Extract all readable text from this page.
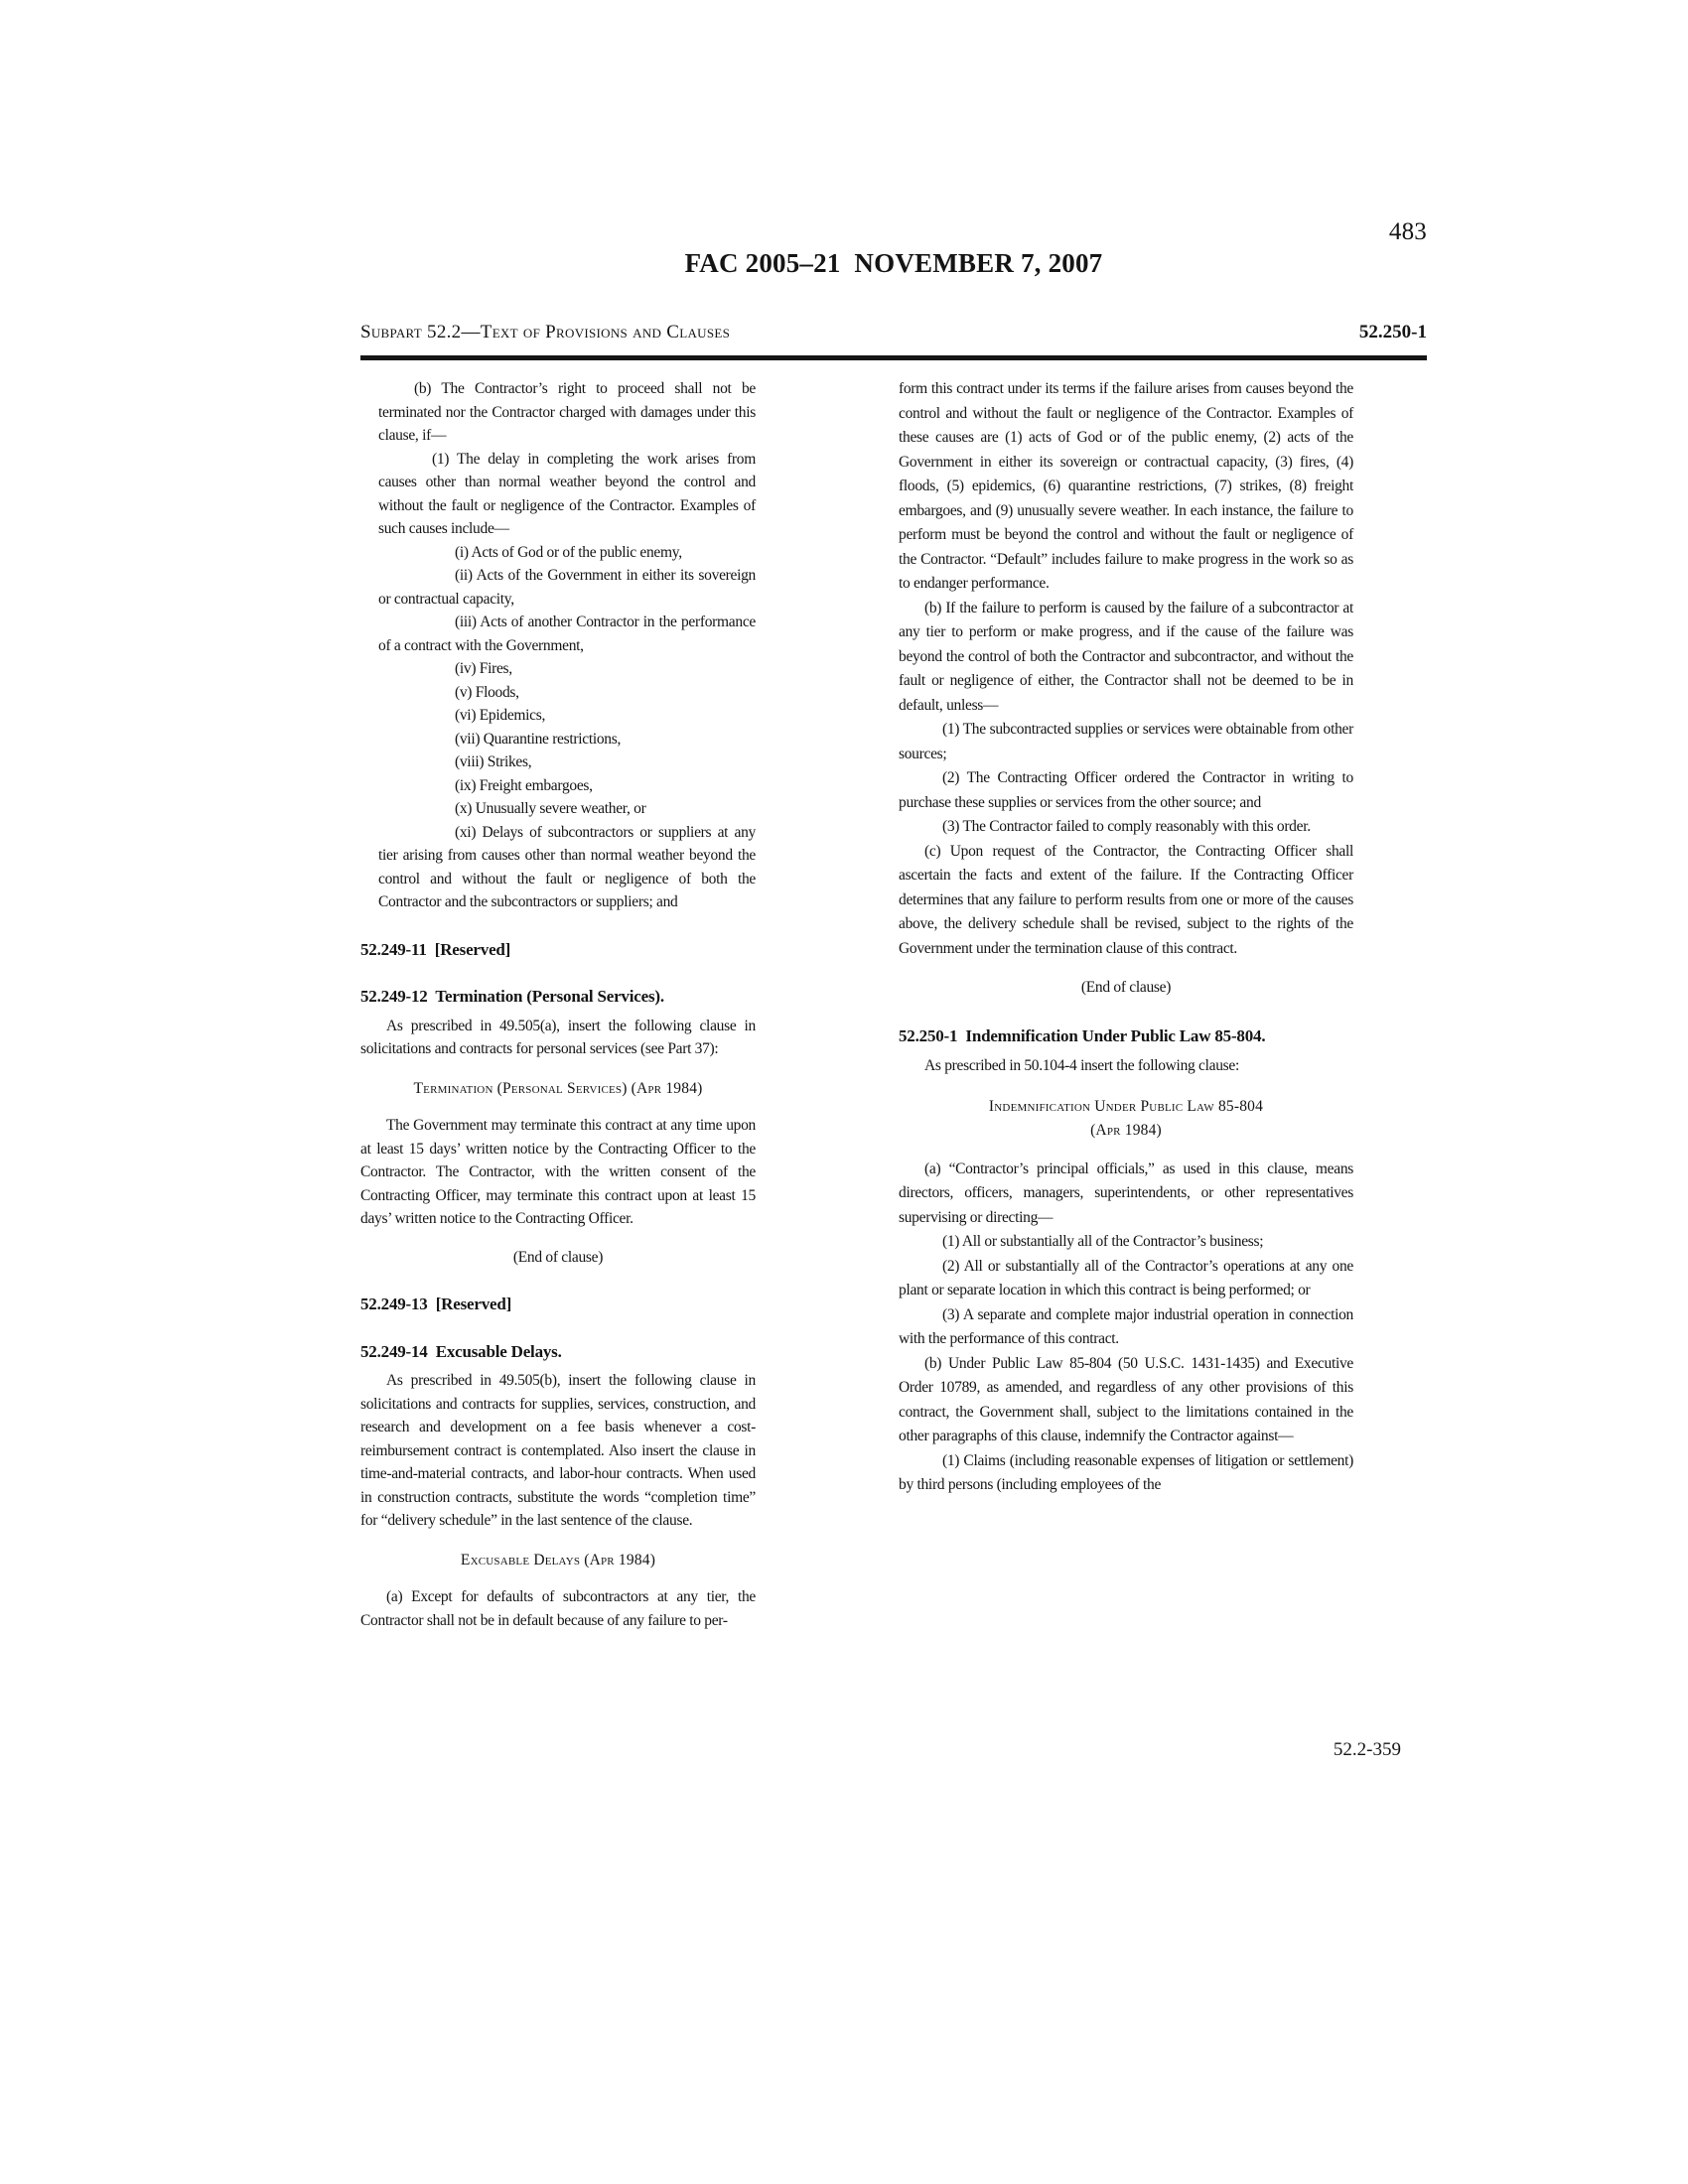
483
FAC 2005–21  NOVEMBER 7, 2007
Subpart 52.2—Text of Provisions and Clauses	52.250-1

(b) The Contractor’s right to proceed shall not be terminated nor the Contractor charged with damages under this clause, if—

(1) The delay in completing the work arises from causes other than normal weather beyond the control and without the fault or negligence of the Contractor. Examples of such causes include—

(i) Acts of God or of the public enemy,

(ii) Acts of the Government in either its sovereign or contractual capacity,

(iii) Acts of another Contractor in the performance of a contract with the Government,

(iv) Fires,

(v) Floods,

(vi) Epidemics,

(vii) Quarantine restrictions,

(viii) Strikes,

(ix) Freight embargoes,

(x) Unusually severe weather, or

(xi) Delays of subcontractors or suppliers at any tier arising from causes other than normal weather beyond the control and without the fault or negligence of both the Contractor and the subcontractors or suppliers; and

52.249-11  [Reserved]

52.249-12  Termination (Personal Services).

As prescribed in 49.505(a), insert the following clause in solicitations and contracts for personal services (see Part 37):

Termination (Personal Services) (Apr 1984)

The Government may terminate this contract at any time upon at least 15 days’ written notice by the Contracting Officer to the Contractor. The Contractor, with the written consent of the Contracting Officer, may terminate this contract upon at least 15 days’ written notice to the Contracting Officer.

(End of clause)

52.249-13  [Reserved]

52.249-14  Excusable Delays.

As prescribed in 49.505(b), insert the following clause in solicitations and contracts for supplies, services, construction, and research and development on a fee basis whenever a cost-reimbursement contract is contemplated. Also insert the clause in time-and-material contracts, and labor-hour contracts. When used in construction contracts, substitute the words “completion time” for “delivery schedule” in the last sentence of the clause.

Excusable Delays (Apr 1984)

(a) Except for defaults of subcontractors at any tier, the Contractor shall not be in default because of any failure to per-

form this contract under its terms if the failure arises from causes beyond the control and without the fault or negligence of the Contractor. Examples of these causes are (1) acts of God or of the public enemy, (2) acts of the Government in either its sovereign or contractual capacity, (3) fires, (4) floods, (5) epidemics, (6) quarantine restrictions, (7) strikes, (8) freight embargoes, and (9) unusually severe weather. In each instance, the failure to perform must be beyond the control and without the fault or negligence of the Contractor. “Default” includes failure to make progress in the work so as to endanger performance.

(b) If the failure to perform is caused by the failure of a subcontractor at any tier to perform or make progress, and if the cause of the failure was beyond the control of both the Contractor and subcontractor, and without the fault or negligence of either, the Contractor shall not be deemed to be in default, unless—

(1) The subcontracted supplies or services were obtainable from other sources;

(2) The Contracting Officer ordered the Contractor in writing to purchase these supplies or services from the other source; and

(3) The Contractor failed to comply reasonably with this order.

(c) Upon request of the Contractor, the Contracting Officer shall ascertain the facts and extent of the failure. If the Contracting Officer determines that any failure to perform results from one or more of the causes above, the delivery schedule shall be revised, subject to the rights of the Government under the termination clause of this contract.

(End of clause)

52.250-1  Indemnification Under Public Law 85-804.

As prescribed in 50.104-4 insert the following clause:

Indemnification Under Public Law 85-804

(Apr 1984)

(a) “Contractor’s principal officials,” as used in this clause, means directors, officers, managers, superintendents, or other representatives supervising or directing—

(1) All or substantially all of the Contractor’s business;

(2) All or substantially all of the Contractor’s operations at any one plant or separate location in which this contract is being performed; or

(3) A separate and complete major industrial operation in connection with the performance of this contract.

(b) Under Public Law 85-804 (50 U.S.C. 1431-1435) and Executive Order 10789, as amended, and regardless of any other provisions of this contract, the Government shall, subject to the limitations contained in the other paragraphs of this clause, indemnify the Contractor against—

(1) Claims (including reasonable expenses of litigation or settlement) by third persons (including employees of the

52.2-359
